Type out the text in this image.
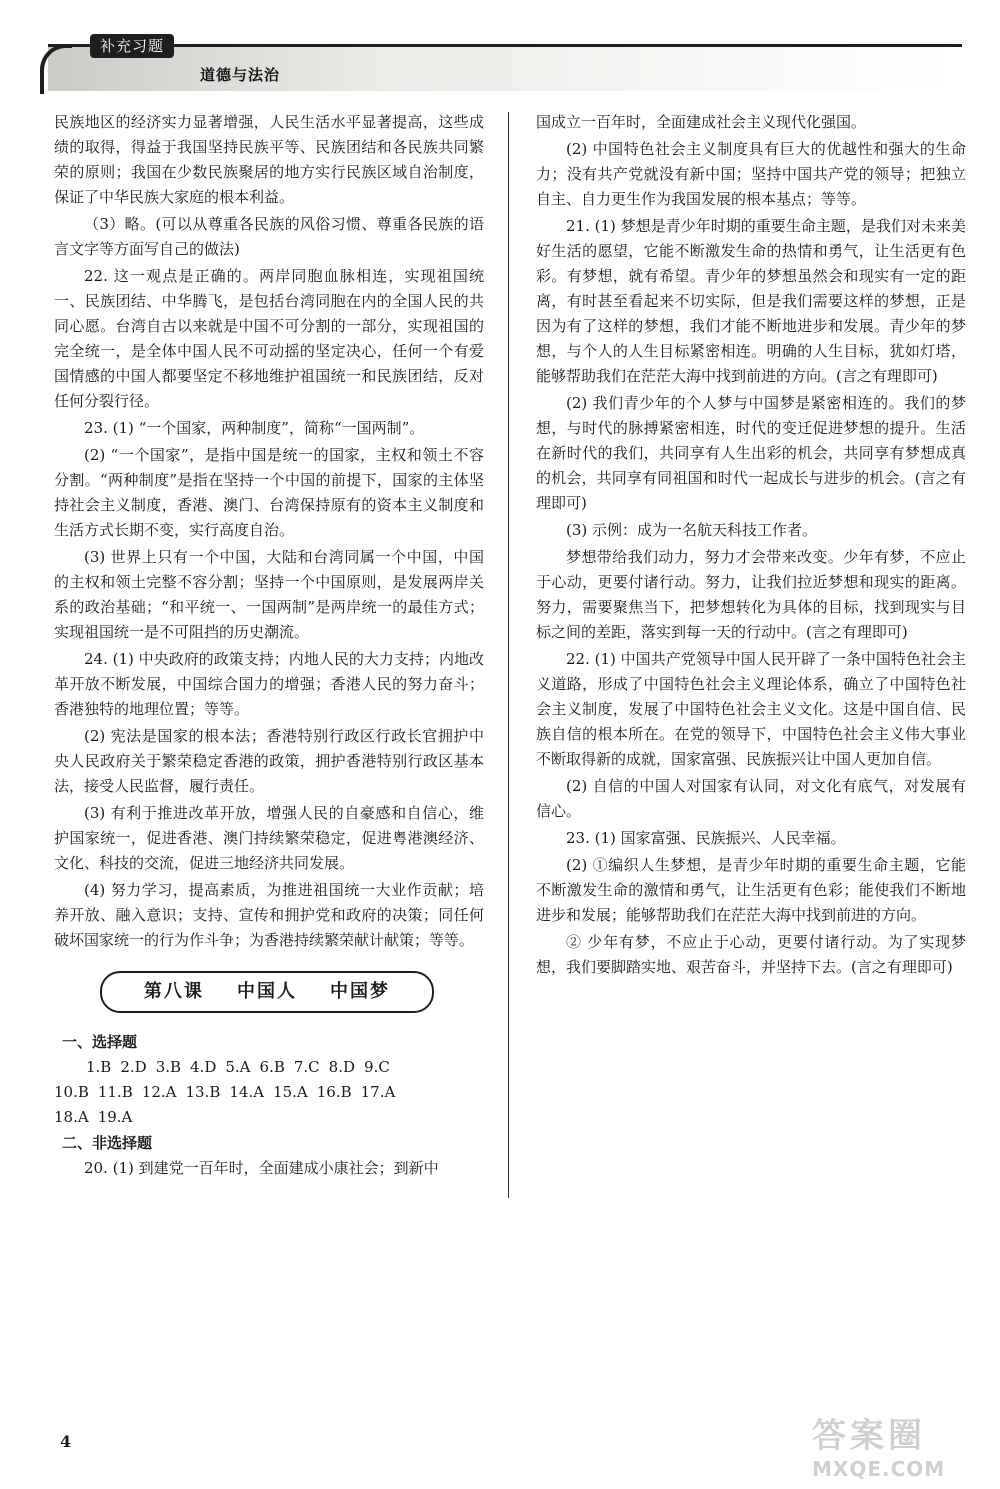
补充习题
道德与法治

民族地区的经济实力显著增强，人民生活水平显著提高，这些成绩的取得，得益于我国坚持民族平等、民族团结和各民族共同繁荣的原则；我国在少数民族聚居的地方实行民族区域自治制度，保证了中华民族大家庭的根本利益。

（3）略。(可以从尊重各民族的风俗习惯、尊重各民族的语言文字等方面写自己的做法)

22. 这一观点是正确的。两岸同胞血脉相连，实现祖国统一、民族团结、中华腾飞，是包括台湾同胞在内的全国人民的共同心愿。台湾自古以来就是中国不可分割的一部分，实现祖国的完全统一，是全体中国人民不可动摇的坚定决心，任何一个有爱国情感的中国人都要坚定不移地维护祖国统一和民族团结，反对任何分裂行径。

23. (1) “一个国家，两种制度”，简称“一国两制”。

(2) “一个国家”，是指中国是统一的国家，主权和领土不容分割。“两种制度”是指在坚持一个中国的前提下，国家的主体坚持社会主义制度，香港、澳门、台湾保持原有的资本主义制度和生活方式长期不变，实行高度自治。

(3) 世界上只有一个中国，大陆和台湾同属一个中国，中国的主权和领土完整不容分割；坚持一个中国原则，是发展两岸关系的政治基础；“和平统一、一国两制”是两岸统一的最佳方式；实现祖国统一是不可阻挡的历史潮流。

24. (1) 中央政府的政策支持；内地人民的大力支持；内地改革开放不断发展，中国综合国力的增强；香港人民的努力奋斗；香港独特的地理位置；等等。

(2) 宪法是国家的根本法；香港特别行政区行政长官拥护中央人民政府关于繁荣稳定香港的政策，拥护香港特别行政区基本法，接受人民监督，履行责任。

(3) 有利于推进改革开放，增强人民的自豪感和自信心，维护国家统一，促进香港、澳门持续繁荣稳定，促进粤港澳经济、文化、科技的交流，促进三地经济共同发展。

(4) 努力学习，提高素质，为推进祖国统一大业作贡献；培养开放、融入意识；支持、宣传和拥护党和政府的决策；同任何破坏国家统一的行为作斗争；为香港持续繁荣献计献策；等等。

第八课    中国人    中国梦
一、选择题
1.B 2.D 3.B 4.D 5.A 6.B 7.C 8.D 9.C
10.B 11.B 12.A 13.B 14.A 15.A 16.B 17.A
18.A 19.A
二、非选择题

20. (1) 到建党一百年时，全面建成小康社会；到新中

国成立一百年时，全面建成社会主义现代化强国。

(2) 中国特色社会主义制度具有巨大的优越性和强大的生命力；没有共产党就没有新中国；坚持中国共产党的领导；把独立自主、自力更生作为我国发展的根本基点；等等。

21. (1) 梦想是青少年时期的重要生命主题，是我们对未来美好生活的愿望，它能不断激发生命的热情和勇气，让生活更有色彩。有梦想，就有希望。青少年的梦想虽然会和现实有一定的距离，有时甚至看起来不切实际，但是我们需要这样的梦想，正是因为有了这样的梦想，我们才能不断地进步和发展。青少年的梦想，与个人的人生目标紧密相连。明确的人生目标，犹如灯塔，能够帮助我们在茫茫大海中找到前进的方向。(言之有理即可)

(2) 我们青少年的个人梦与中国梦是紧密相连的。我们的梦想，与时代的脉搏紧密相连，时代的变迁促进梦想的提升。生活在新时代的我们，共同享有人生出彩的机会，共同享有梦想成真的机会，共同享有同祖国和时代一起成长与进步的机会。(言之有理即可)

(3) 示例：成为一名航天科技工作者。

梦想带给我们动力，努力才会带来改变。少年有梦，不应止于心动，更要付诸行动。努力，让我们拉近梦想和现实的距离。努力，需要聚焦当下，把梦想转化为具体的目标，找到现实与目标之间的差距，落实到每一天的行动中。(言之有理即可)

22. (1) 中国共产党领导中国人民开辟了一条中国特色社会主义道路，形成了中国特色社会主义理论体系，确立了中国特色社会主义制度，发展了中国特色社会主义文化。这是中国自信、民族自信的根本所在。在党的领导下，中国特色社会主义伟大事业不断取得新的成就，国家富强、民族振兴让中国人更加自信。

(2) 自信的中国人对国家有认同，对文化有底气，对发展有信心。

23. (1) 国家富强、民族振兴、人民幸福。

(2) ①编织人生梦想，是青少年时期的重要生命主题，它能不断激发生命的激情和勇气，让生活更有色彩；能使我们不断地进步和发展；能够帮助我们在茫茫大海中找到前进的方向。

② 少年有梦，不应止于心动，更要付诸行动。为了实现梦想，我们要脚踏实地、艰苦奋斗，并坚持下去。(言之有理即可)

4	答案圈
MXQE.COM
